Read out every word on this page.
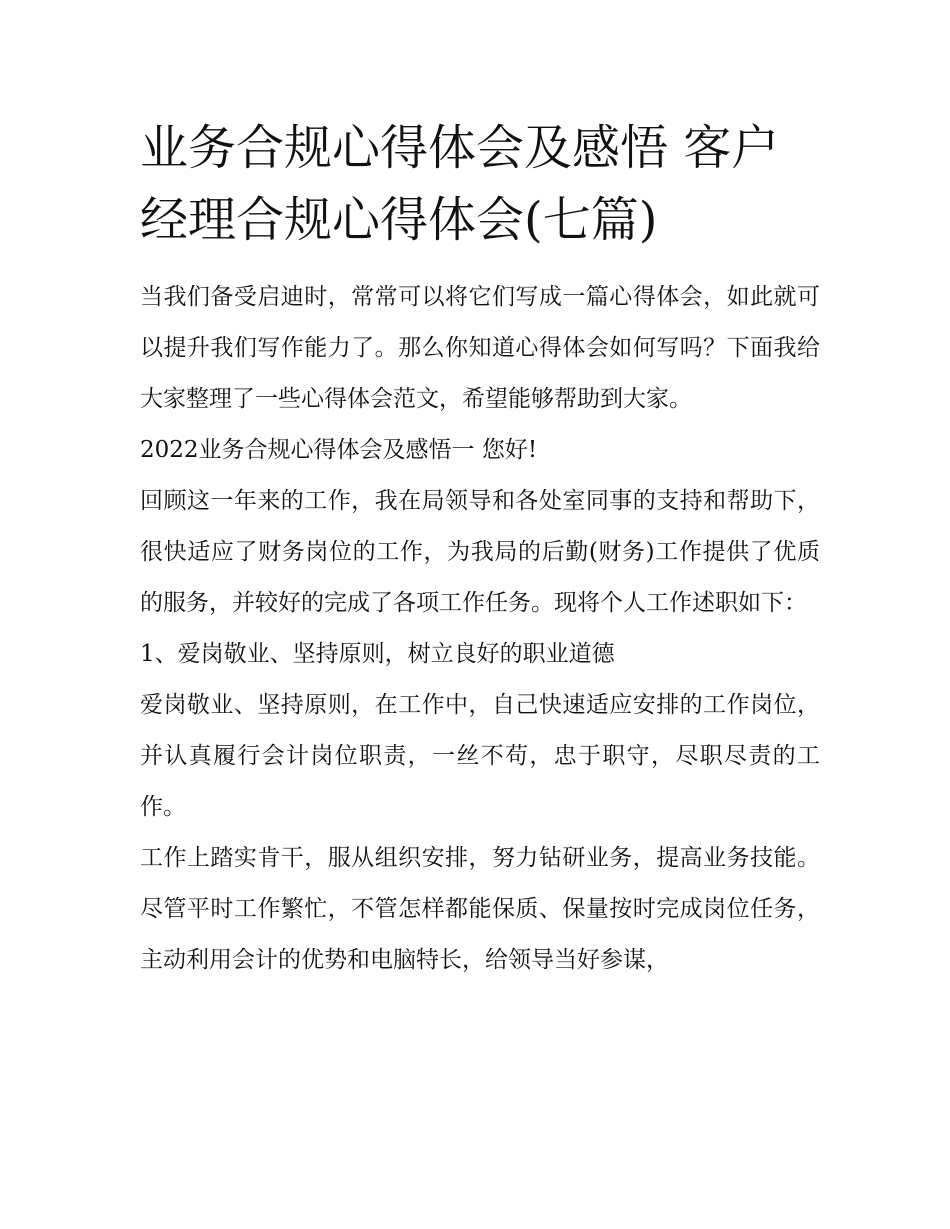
业务合规心得体会及感悟 客户经理合规心得体会(七篇)

当我们备受启迪时，常常可以将它们写成一篇心得体会，如此就可以提升我们写作能力了。那么你知道心得体会如何写吗？下面我给大家整理了一些心得体会范文，希望能够帮助到大家。

2022业务合规心得体会及感悟一 您好!

回顾这一年来的工作，我在局领导和各处室同事的支持和帮助下，很快适应了财务岗位的工作，为我局的后勤(财务)工作提供了优质的服务，并较好的完成了各项工作任务。现将个人工作述职如下：

1、爱岗敬业、坚持原则，树立良好的职业道德

爱岗敬业、坚持原则，在工作中，自己快速适应安排的工作岗位，并认真履行会计岗位职责，一丝不苟，忠于职守，尽职尽责的工作。

工作上踏实肯干，服从组织安排，努力钻研业务，提高业务技能。尽管平时工作繁忙，不管怎样都能保质、保量按时完成岗位任务，主动利用会计的优势和电脑特长，给领导当好参谋，
